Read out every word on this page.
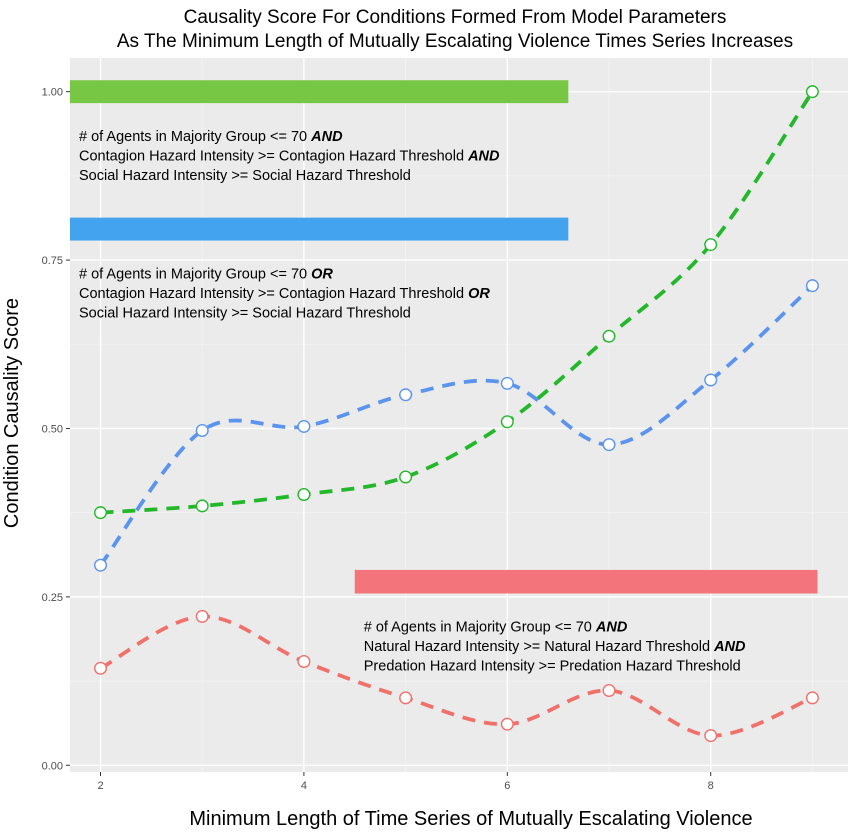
Causality Score For Conditions Formed From Model Parameters
As The Minimum Length of Mutually Escalating Violence Times Series Increases
# of Agents in Majority Group <= 70 AND
Contagion Hazard Intensity >= Contagion Hazard Threshold AND
Social Hazard Intensity >= Social Hazard Threshold
# of Agents in Majority Group <= 70 OR
Contagion Hazard Intensity >= Contagion Hazard Threshold OR
Social Hazard Intensity >= Social Hazard Threshold
# of Agents in Majority Group <= 70 AND
Natural Hazard Intensity >= Natural Hazard Threshold AND
Predation Hazard Intensity >= Predation Hazard Threshold
2	4	6	8
0.00
0.25
0.50
0.75
1.00
Minimum Length of Time Series of Mutually Escalating Violence
Condition Causality Score
